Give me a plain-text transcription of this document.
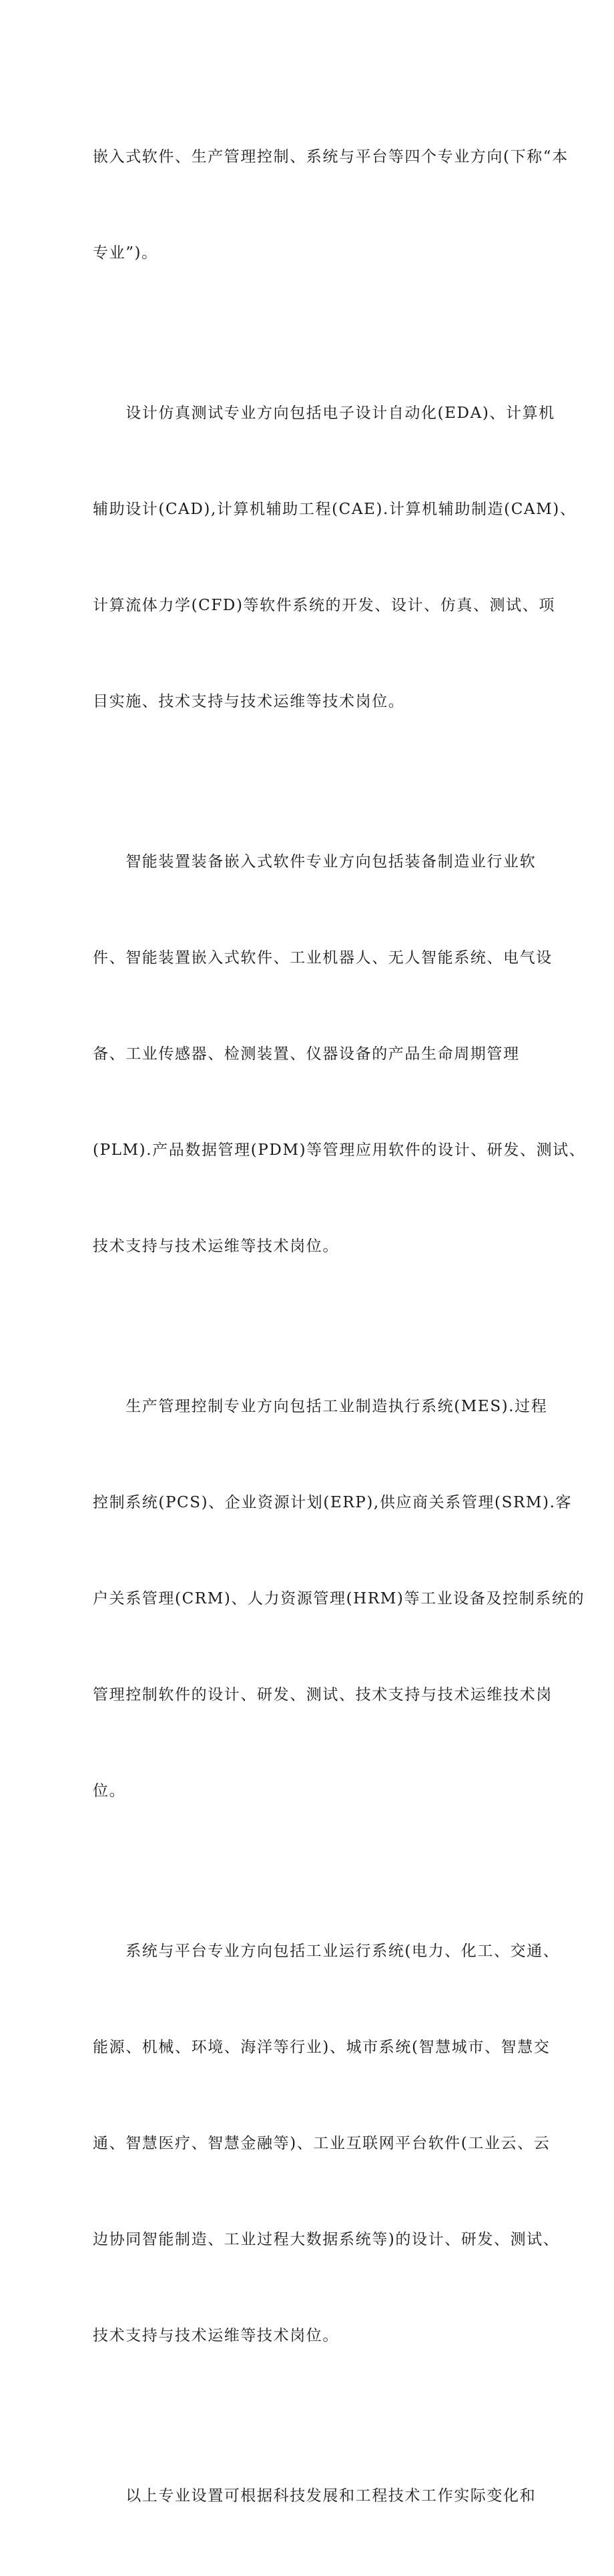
嵌入式软件、生产管理控制、系统与平台等四个专业方向(下称“本

专业”)。

　　设计仿真测试专业方向包括电子设计自动化(EDA)、计算机

辅助设计(CAD),计算机辅助工程(CAE).计算机辅助制造(CAM)、

计算流体力学(CFD)等软件系统的开发、设计、仿真、测试、项

目实施、技术支持与技术运维等技术岗位。

　　智能装置装备嵌入式软件专业方向包括装备制造业行业软

件、智能装置嵌入式软件、工业机器人、无人智能系统、电气设

备、工业传感器、检测装置、仪器设备的产品生命周期管理

(PLM).产品数据管理(PDM)等管理应用软件的设计、研发、测试、

技术支持与技术运维等技术岗位。

　　生产管理控制专业方向包括工业制造执行系统(MES).过程

控制系统(PCS)、企业资源计划(ERP),供应商关系管理(SRM).客

户关系管理(CRM)、人力资源管理(HRM)等工业设备及控制系统的

管理控制软件的设计、研发、测试、技术支持与技术运维技术岗

位。

　　系统与平台专业方向包括工业运行系统(电力、化工、交通、

能源、机械、环境、海洋等行业)、城市系统(智慧城市、智慧交

通、智慧医疗、智慧金融等)、工业互联网平台软件(工业云、云

边协同智能制造、工业过程大数据系统等)的设计、研发、测试、

技术支持与技术运维等技术岗位。

　　以上专业设置可根据科技发展和工程技术工作实际变化和
